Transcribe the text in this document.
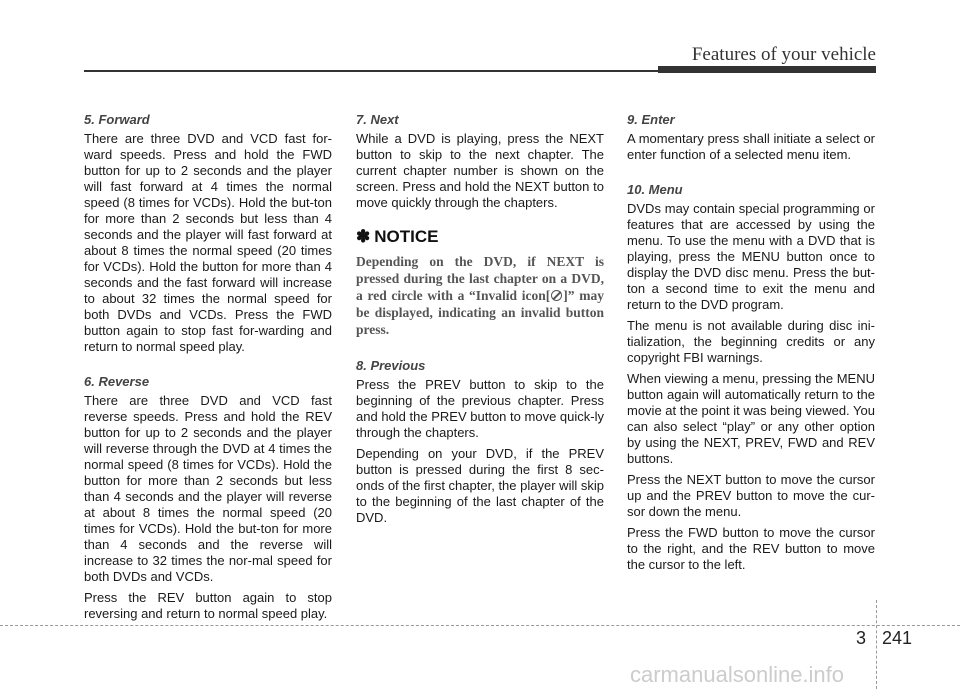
Features of your vehicle

5. Forward

There are three DVD and VCD fast for-ward speeds. Press and hold the FWD button for up to 2 seconds and the player will fast forward at 4 times the normal speed (8 times for VCDs). Hold the but-ton for more than 2 seconds but less than 4 seconds and the player will fast forward at about 8 times the normal speed (20 times for VCDs). Hold the button for more than 4 seconds and the fast forward will increase to about 32 times the normal speed for both DVDs and VCDs. Press the FWD button again to stop fast for-warding and return to normal speed play.

6. Reverse

There are three DVD and VCD fast reverse speeds. Press and hold the REV button for up to 2 seconds and the player will reverse through the DVD at 4 times the normal speed (8 times for VCDs). Hold the button for more than 2 seconds but less than 4 seconds and the player will reverse at about 8 times the normal speed (20 times for VCDs). Hold the but-ton for more than 4 seconds and the reverse will increase to 32 times the nor-mal speed for both DVDs and VCDs.

Press the REV button again to stop reversing and return to normal speed play.

7. Next

While a DVD is playing, press the NEXT button to skip to the next chapter. The current chapter number is shown on the screen. Press and hold the NEXT button to move quickly through the chapters.

✽ NOTICE

Depending on the DVD, if NEXT is pressed during the last chapter on a DVD, a red circle with a “Invalid icon[ ]” may be displayed, indicating an invalid button press.

8. Previous

Press the PREV button to skip to the beginning of the previous chapter. Press and hold the PREV button to move quick-ly through the chapters.

Depending on your DVD, if the PREV button is pressed during the first 8 sec-onds of the first chapter, the player will skip to the beginning of the last chapter of the DVD.

9. Enter

A momentary press shall initiate a select or enter function of a selected menu item.

10. Menu

DVDs may contain special programming or features that are accessed by using the menu. To use the menu with a DVD that is playing, press the MENU button once to display the DVD disc menu. Press the but-ton a second time to exit the menu and return to the DVD program.

The menu is not available during disc ini-tialization, the beginning credits or any copyright FBI warnings.

When viewing a menu, pressing the MENU button again will automatically return to the movie at the point it was being viewed. You can also select “play” or any other option by using the NEXT, PREV, FWD and REV buttons.

Press the NEXT button to move the cursor up and the PREV button to move the cur-sor down the menu.

Press the FWD button to move the cursor to the right, and the REV button to move the cursor to the left.

3 241
carmanualsonline.info
